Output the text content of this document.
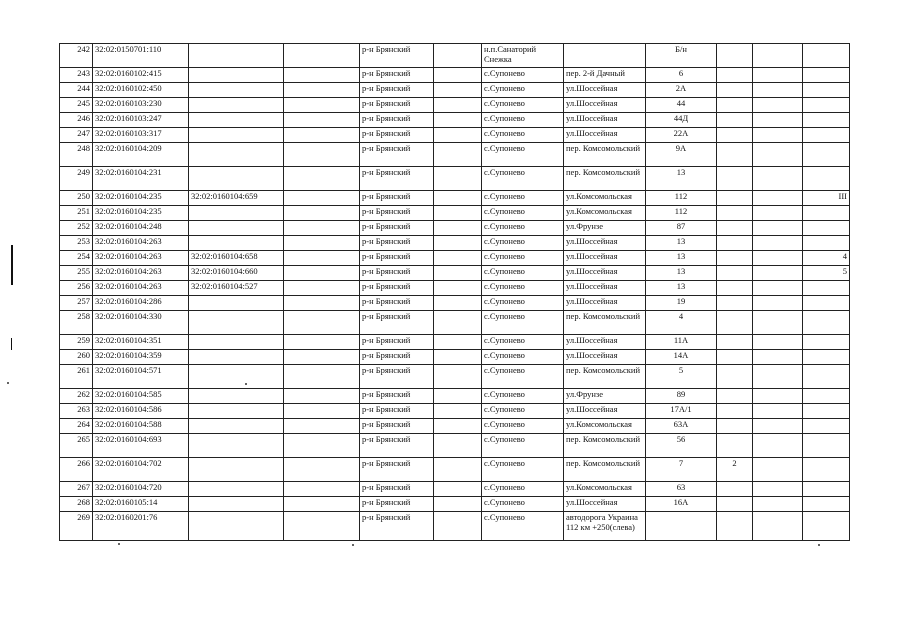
242	32:02:0150701:110			р-н Брянский		н.п.Санаторий Снежка		Б/н			
243	32:02:0160102:415			р-н Брянский		с.Супонево	пер. 2-й Дачный	6			
244	32:02:0160102:450			р-н Брянский		с.Супонево	ул.Шоссейная	2А			
245	32:02:0160103:230			р-н Брянский		с.Супонево	ул.Шоссейная	44			
246	32:02:0160103:247			р-н Брянский		с.Супонево	ул.Шоссейная	44Д			
247	32:02:0160103:317			р-н Брянский		с.Супонево	ул.Шоссейная	22А			
248	32:02:0160104:209			р-н Брянский		с.Супонево	пер. Комсомольский	9А			
249	32:02:0160104:231			р-н Брянский		с.Супонево	пер. Комсомольский	13			
250	32:02:0160104:235	32:02:0160104:659		р-н Брянский		с.Супонево	ул.Комсомольская	112			III
251	32:02:0160104:235			р-н Брянский		с.Супонево	ул.Комсомольская	112			
252	32:02:0160104:248			р-н Брянский		с.Супонево	ул.Фрунзе	87			
253	32:02:0160104:263			р-н Брянский		с.Супонево	ул.Шоссейная	13			
254	32:02:0160104:263	32:02:0160104:658		р-н Брянский		с.Супонево	ул.Шоссейная	13			4
255	32:02:0160104:263	32:02:0160104:660		р-н Брянский		с.Супонево	ул.Шоссейная	13			5
256	32:02:0160104:263	32:02:0160104:527		р-н Брянский		с.Супонево	ул.Шоссейная	13			
257	32:02:0160104:286			р-н Брянский		с.Супонево	ул.Шоссейная	19			
258	32:02:0160104:330			р-н Брянский		с.Супонево	пер. Комсомольский	4			
259	32:02:0160104:351			р-н Брянский		с.Супонево	ул.Шоссейная	11А			
260	32:02:0160104:359			р-н Брянский		с.Супонево	ул.Шоссейная	14А			
261	32:02:0160104:571			р-н Брянский		с.Супонево	пер. Комсомольский	5			
262	32:02:0160104:585			р-н Брянский		с.Супонево	ул.Фрунзе	89			
263	32:02:0160104:586			р-н Брянский		с.Супонево	ул.Шоссейная	17А/1			
264	32:02:0160104:588			р-н Брянский		с.Супонево	ул.Комсомольская	63А			
265	32:02:0160104:693			р-н Брянский		с.Супонево	пер. Комсомольский	56			
266	32:02:0160104:702			р-н Брянский		с.Супонево	пер. Комсомольский	7	2		
267	32:02:0160104:720			р-н Брянский		с.Супонево	ул.Комсомольская	63			
268	32:02:0160105:14			р-н Брянский		с.Супонево	ул.Шоссейная	16А			
269	32:02:0160201:76			р-н Брянский		с.Супонево	автодорога Украина 112 км +250(слева)				
